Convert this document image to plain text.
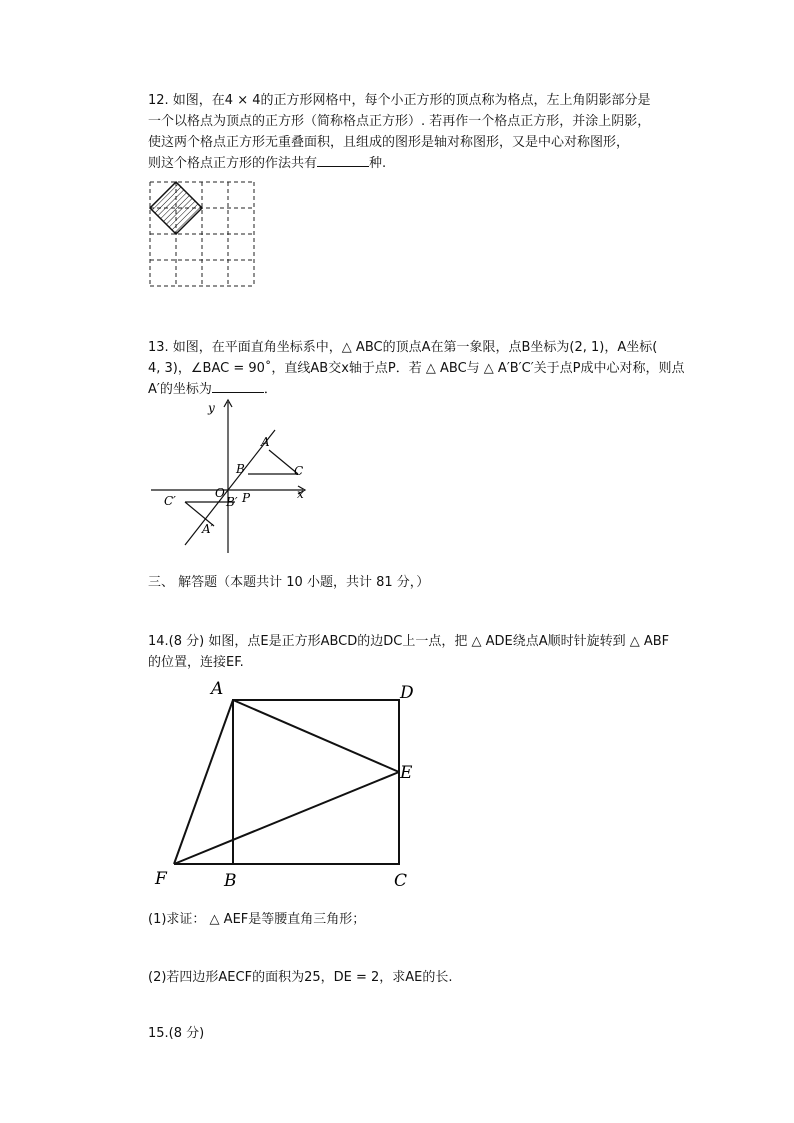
12. 如图，在4 × 4的正方形网格中，每个小正方形的顶点称为格点，左上角阴影部分是
一个以格点为顶点的正方形（简称格点正方形）. 若再作一个格点正方形，并涂上阴影，
使这两个格点正方形无重叠面积，且组成的图形是轴对称图形，又是中心对称图形，
则这个格点正方形的作法共有	种.
13. 如图，在平面直角坐标系中，△ ABC的顶点A在第一象限，点B坐标为(2, 1)，A坐标(
4, 3)，∠BAC = 90˚，直线AB交x轴于点P．若 △ ABC与 △ A′B′C′关于点P成中心对称，则点
A′的坐标为	．
y
x
A
B	C
O P
C′	B′
A′
三、 解答题（本题共计 10 小题，共计 81 分，）
14.(8 分) 如图，点E是正方形ABCD的边DC上一点，把 △ ADE绕点A顺时针旋转到 △ ABF
的位置，连接EF.
A	D
E
F	B	C
(1)求证： △ AEF是等腰直角三角形；
(2)若四边形AECF的面积为25，DE = 2，求AE的长.
15.(8 分)
